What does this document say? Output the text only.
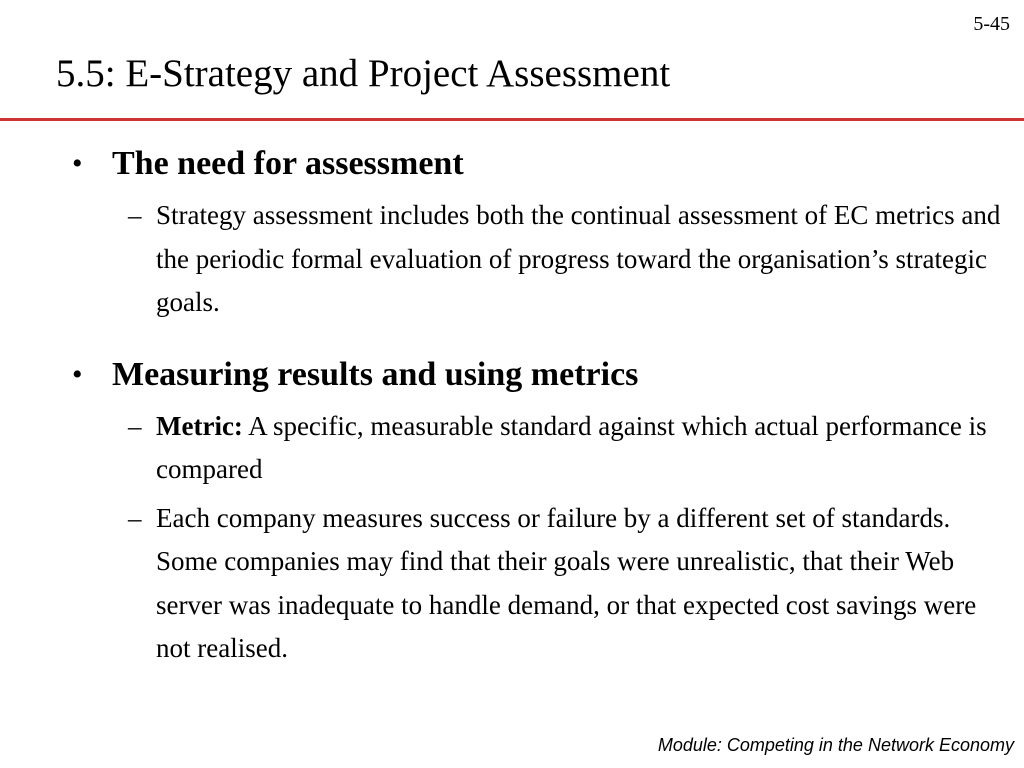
5-45
5.5: E-Strategy and Project Assessment
• The need for assessment
– Strategy assessment includes both the continual assessment of EC metrics and the periodic formal evaluation of progress toward the organisation’s strategic goals.
• Measuring results and using metrics
– Metric: A specific, measurable standard against which actual performance is compared
– Each company measures success or failure by a different set of standards. Some companies may find that their goals were unrealistic, that their Web server was inadequate to handle demand, or that expected cost savings were not realised.
Module: Competing in the Network Economy
